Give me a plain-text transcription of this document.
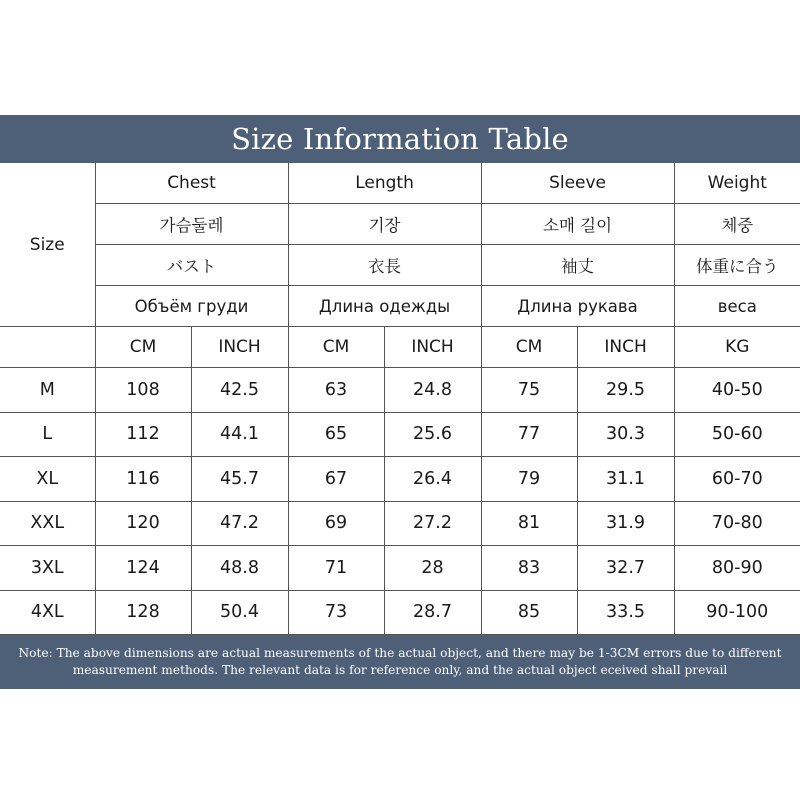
Size Information Table
Size	Chest		Length		Sleeve		Weight
	가슴둘레		기장		소매 길이		체중
	バスト		衣長		袖丈		体重に合う
	Объём груди		Длина одежды		Длина рукава		веса
	CM	INCH	CM	INCH	CM	INCH	KG
M	108	42.5	63	24.8	75	29.5	40-50
L	112	44.1	65	25.6	77	30.3	50-60
XL	116	45.7	67	26.4	79	31.1	60-70
XXL	120	47.2	69	27.2	81	31.9	70-80
3XL	124	48.8	71	28	83	32.7	80-90
4XL	128	50.4	73	28.7	85	33.5	90-100
Note: The above dimensions are actual measurements of the actual object, and there may be 1-3CM errors due to different
measurement methods. The relevant data is for reference only, and the actual object eceived shall prevail
